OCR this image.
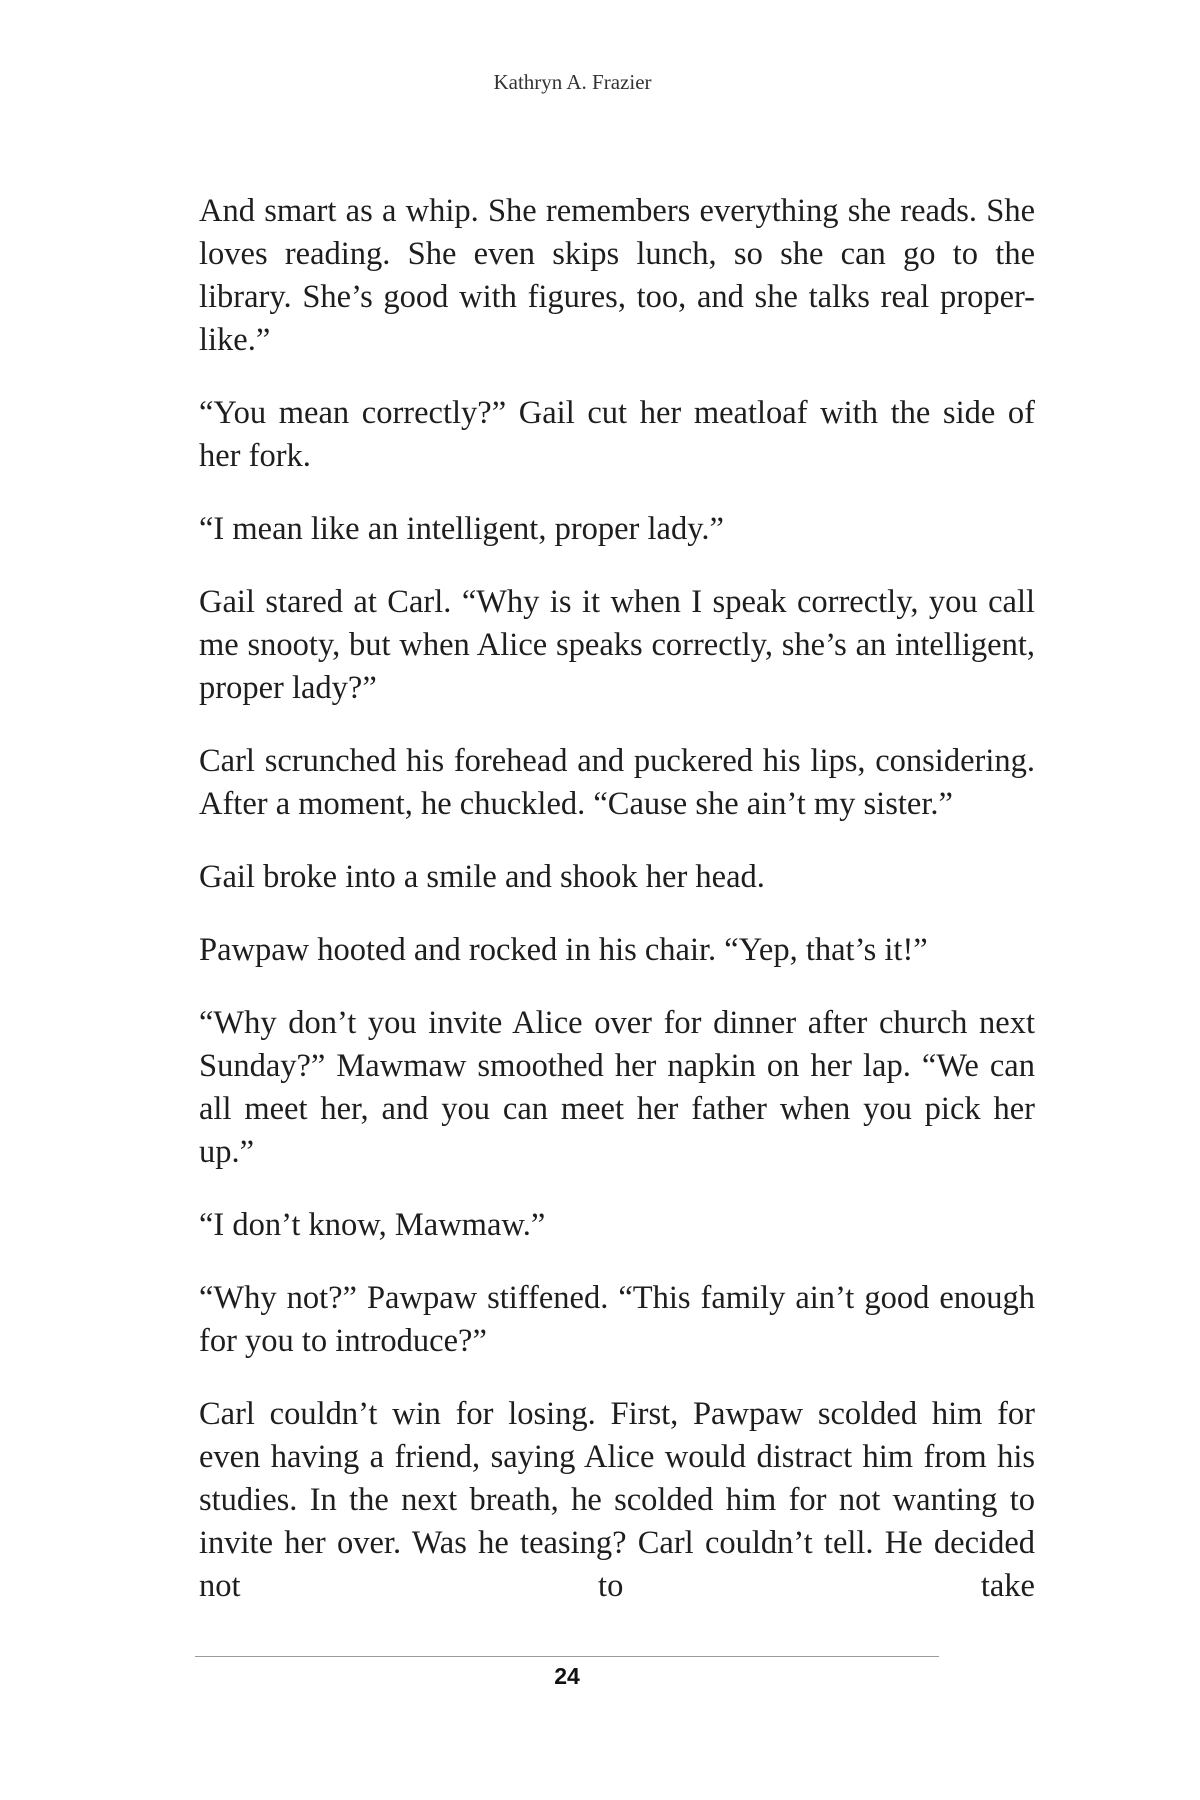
Kathryn A. Frazier

And smart as a whip. She remembers everything she reads. She loves reading. She even skips lunch, so she can go to the library. She’s good with figures, too, and she talks real proper-like.”

“You mean correctly?” Gail cut her meatloaf with the side of her fork.

“I mean like an intelligent, proper lady.”

Gail stared at Carl. “Why is it when I speak correctly, you call me snooty, but when Alice speaks correctly, she’s an intelligent, proper lady?”

Carl scrunched his forehead and puckered his lips, considering. After a moment, he chuckled. “Cause she ain’t my sister.”

Gail broke into a smile and shook her head.

Pawpaw hooted and rocked in his chair. “Yep, that’s it!”

“Why don’t you invite Alice over for dinner after church next Sunday?” Mawmaw smoothed her napkin on her lap. “We can all meet her, and you can meet her father when you pick her up.”

“I don’t know, Mawmaw.”

“Why not?” Pawpaw stiffened. “This family ain’t good enough for you to introduce?”

Carl couldn’t win for losing. First, Pawpaw scolded him for even having a friend, saying Alice would distract him from his studies. In the next breath, he scolded him for not wanting to invite her over. Was he teasing? Carl couldn’t tell. He decided not to take

24
